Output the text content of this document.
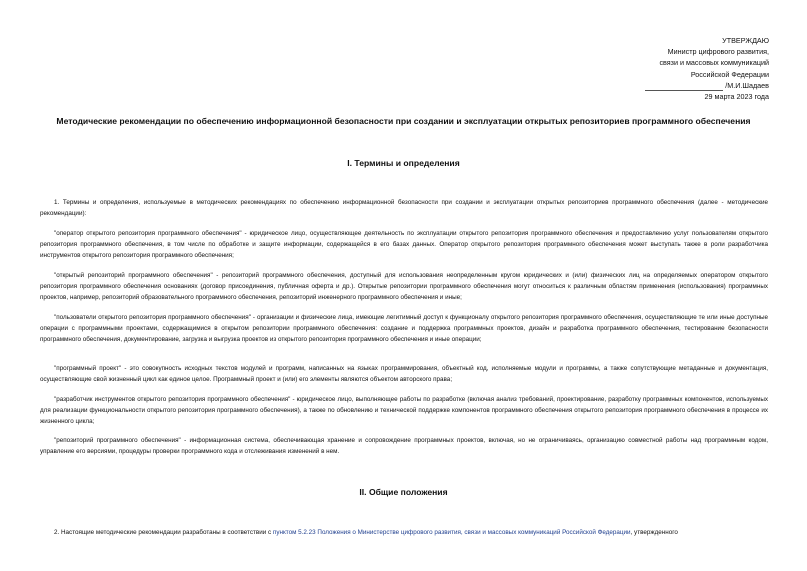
УТВЕРЖДАЮ
Министр цифрового развития,
связи и массовых коммуникаций
Российской Федерации
/М.И.Шадаев
29 марта 2023 года
Методические рекомендации по обеспечению информационной безопасности при создании и эксплуатации открытых репозиториев программного обеспечения
I. Термины и определения
1. Термины и определения, используемые в методических рекомендациях по обеспечению информационной безопасности при создании и эксплуатации открытых репозиториев программного обеспечения (далее - методические рекомендации):
"оператор открытого репозитория программного обеспечения" - юридическое лицо, осуществляющее деятельность по эксплуатации открытого репозитория программного обеспечения и предоставлению услуг пользователям открытого репозитория программного обеспечения, в том числе по обработке и защите информации, содержащейся в его базах данных. Оператор открытого репозитория программного обеспечения может выступать также в роли разработчика инструментов открытого репозитория программного обеспечения;
"открытый репозиторий программного обеспечения" - репозиторий программного обеспечения, доступный для использования неопределенным кругом юридических и (или) физических лиц на определяемых оператором открытого репозитория программного обеспечения основаниях (договор присоединения, публичная оферта и др.). Открытые репозитории программного обеспечения могут относиться к различным областям применения (использования) программных проектов, например, репозиторий образовательного программного обеспечения, репозиторий инженерного программного обеспечения и иные;
"пользователи открытого репозитория программного обеспечения" - организации и физические лица, имеющие легитимный доступ к функционалу открытого репозитория программного обеспечения, осуществляющие те или иные доступные операции с программными проектами, содержащимися в открытом репозитории программного обеспечения: создание и поддержка программных проектов, дизайн и разработка программного обеспечения, тестирование безопасности программного обеспечения, документирование, загрузка и выгрузка проектов из открытого репозитория программного обеспечения и иные операции;
"программный проект" - это совокупность исходных текстов модулей и программ, написанных на языках программирования, объектный код, исполняемые модули и программы, а также сопутствующие метаданные и документация, осуществляющие свой жизненный цикл как единое целое. Программный проект и (или) его элементы являются объектом авторского права;
"разработчик инструментов открытого репозитория программного обеспечения" - юридическое лицо, выполняющее работы по разработке (включая анализ требований, проектирование, разработку программных компонентов, используемых для реализации функциональности открытого репозитория программного обеспечения), а также по обновлению и технической поддержке компонентов программного обеспечения открытого репозитория программного обеспечения в процессе их жизненного цикла;
"репозиторий программного обеспечения" - информационная система, обеспечивающая хранение и сопровождение программных проектов, включая, но не ограничиваясь, организацию совместной работы над программным кодом, управление его версиями, процедуры проверки программного кода и отслеживания изменений в нем.
II. Общие положения
2. Настоящие методические рекомендации разработаны в соответствии с пунктом 5.2.23 Положения о Министерстве цифрового развития, связи и массовых коммуникаций Российской Федерации, утвержденного
